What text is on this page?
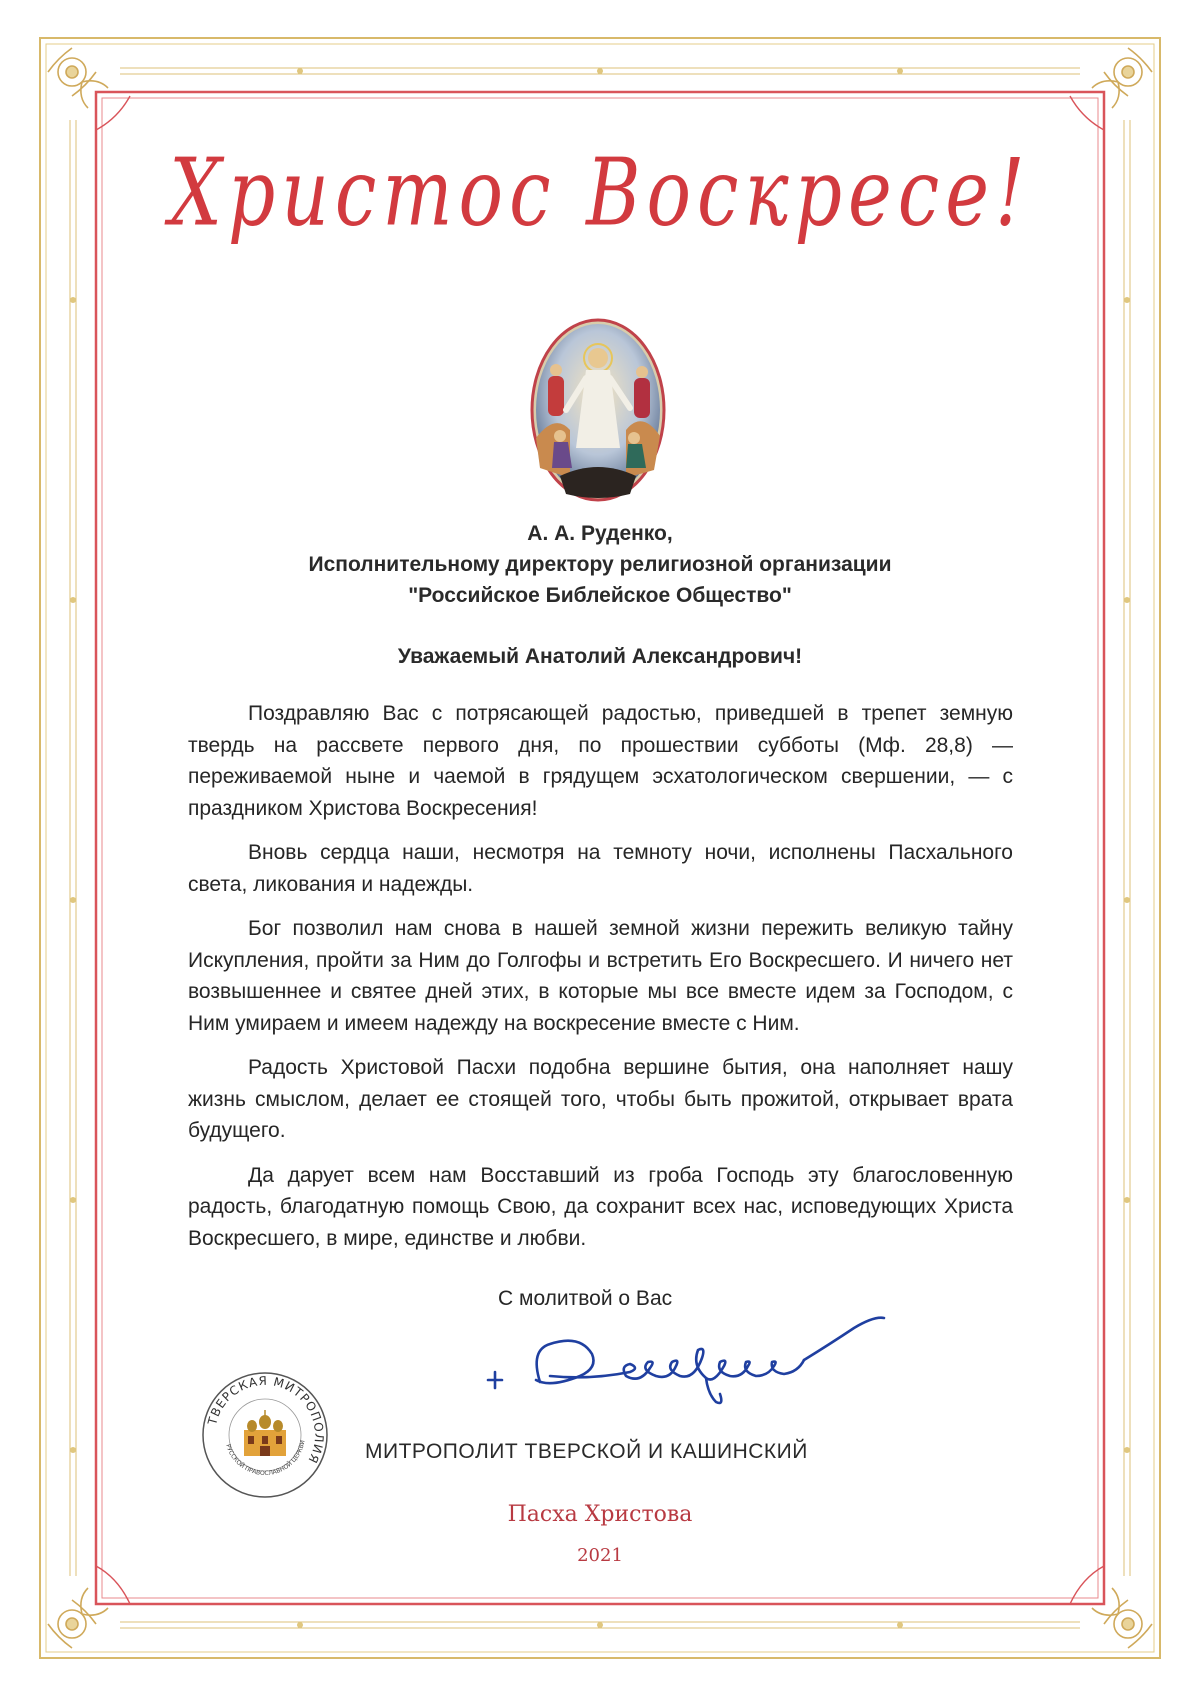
Христос Воскресе!
А. А. Руденко,
Исполнительному директору религиозной организации
"Российское Библейское Общество"
Уважаемый Анатолий Александрович!

Поздравляю Вас с потрясающей радостью, приведшей в трепет земную твердь на рассвете первого дня, по прошествии субботы (Мф. 28,8) — переживаемой ныне и чаемой в грядущем эсхатологическом свершении, — с праздником Христова Воскресения!

Вновь сердца наши, несмотря на темноту ночи, исполнены Пасхального света, ликования и надежды.

Бог позволил нам снова в нашей земной жизни пережить великую тайну Искупления, пройти за Ним до Голгофы и встретить Его Воскресшего. И ничего нет возвышеннее и святее дней этих, в которые мы все вместе идем за Господом, с Ним умираем и имеем надежду на воскресение вместе с Ним.

Радость Христовой Пасхи подобна вершине бытия, она наполняет нашу жизнь смыслом, делает ее стоящей того, чтобы быть прожитой, открывает врата будущего.

Да дарует всем нам Восставший из гроба Господь эту благословенную радость, благодатную помощь Свою, да сохранит всех нас, исповедующих Христа Воскресшего, в мире, единстве и любви.

С молитвой о Вас
МИТРОПОЛИТ ТВЕРСКОЙ И КАШИНСКИЙ
ТВЕРСКАЯ МИТРОПОЛИЯ
РУССКОЙ ПРАВОСЛАВНОЙ ЦЕРКВИ
Пасха Христова
2021
